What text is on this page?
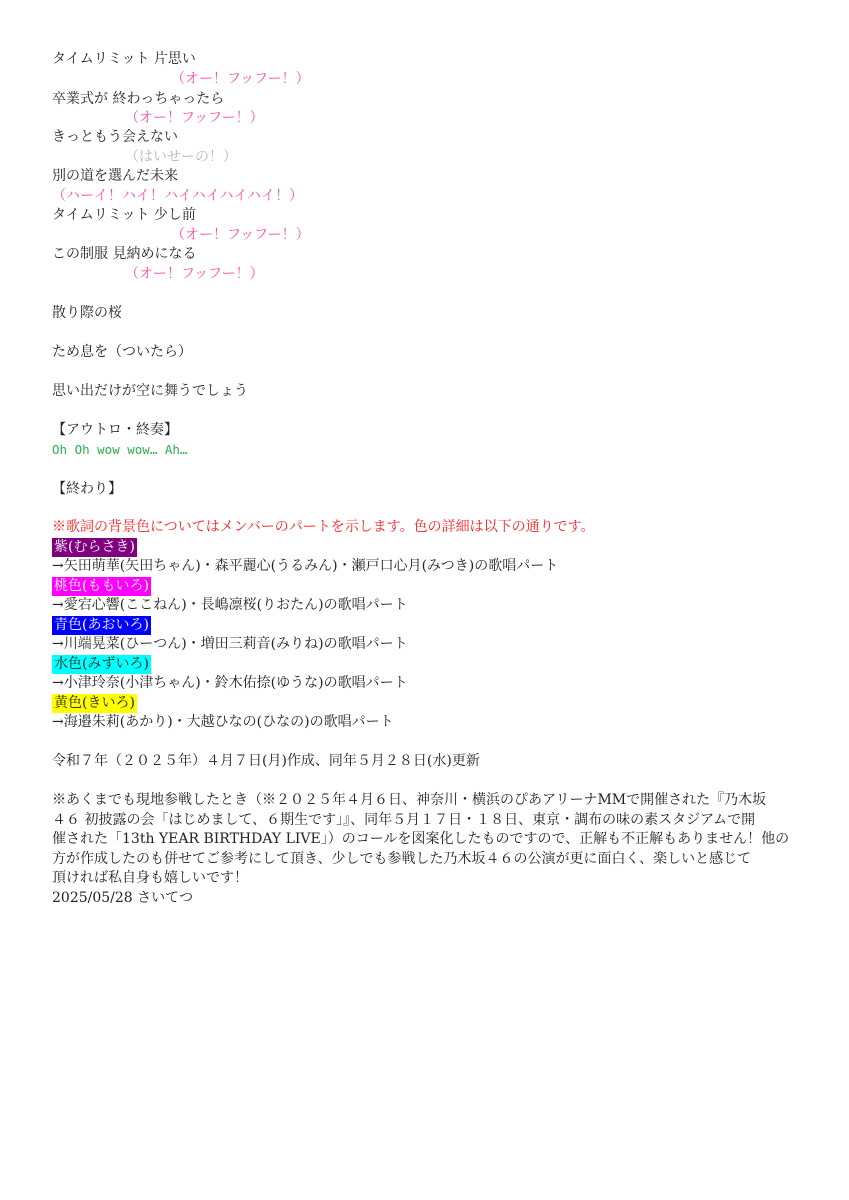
タイムリミット 片思い
（オー！フッフー！）
卒業式が 終わっちゃったら
（オー！フッフー！）
きっともう会えない
（はいせーの！）
別の道を選んだ未来
（ハーイ！ハイ！ハイハイハイハイ！）
タイムリミット 少し前
（オー！フッフー！）
この制服 見納めになる
（オー！フッフー！）
散り際の桜
ため息を（ついたら）
思い出だけが空に舞うでしょう
【アウトロ・終奏】
Oh Oh wow wow… Ah…
【終わり】
※歌詞の背景色についてはメンバーのパートを示します。色の詳細は以下の通りです。
紫(むらさき)
→矢田萌華(矢田ちゃん)・森平麗心(うるみん)・瀬戸口心月(みつき)の歌唱パート
桃色(ももいろ)
→愛宕心響(ここねん)・長嶋凛桜(りおたん)の歌唱パート
青色(あおいろ)
→川端晃菜(ひーつん)・増田三莉音(みりね)の歌唱パート
水色(みずいろ)
→小津玲奈(小津ちゃん)・鈴木佑捺(ゆうな)の歌唱パート
黄色(きいろ)
→海邉朱莉(あかり)・大越ひなの(ひなの)の歌唱パート
令和７年（２０２５年）４月７日(月)作成、同年５月２８日(水)更新
※あくまでも現地参戦したとき（※２０２５年４月６日、神奈川・横浜のぴあアリーナMMで開催された『乃木坂
４６ 初披露の会「はじめまして、６期生です」』、同年５月１７日・１８日、東京・調布の味の素スタジアムで開
催された「13th YEAR BIRTHDAY LIVE」）のコールを図案化したものですので、正解も不正解もありません！他の
方が作成したのも併せてご参考にして頂き、少しでも参戦した乃木坂４６の公演が更に面白く、楽しいと感じて
頂ければ私自身も嬉しいです！
2025/05/28 さいてつ
